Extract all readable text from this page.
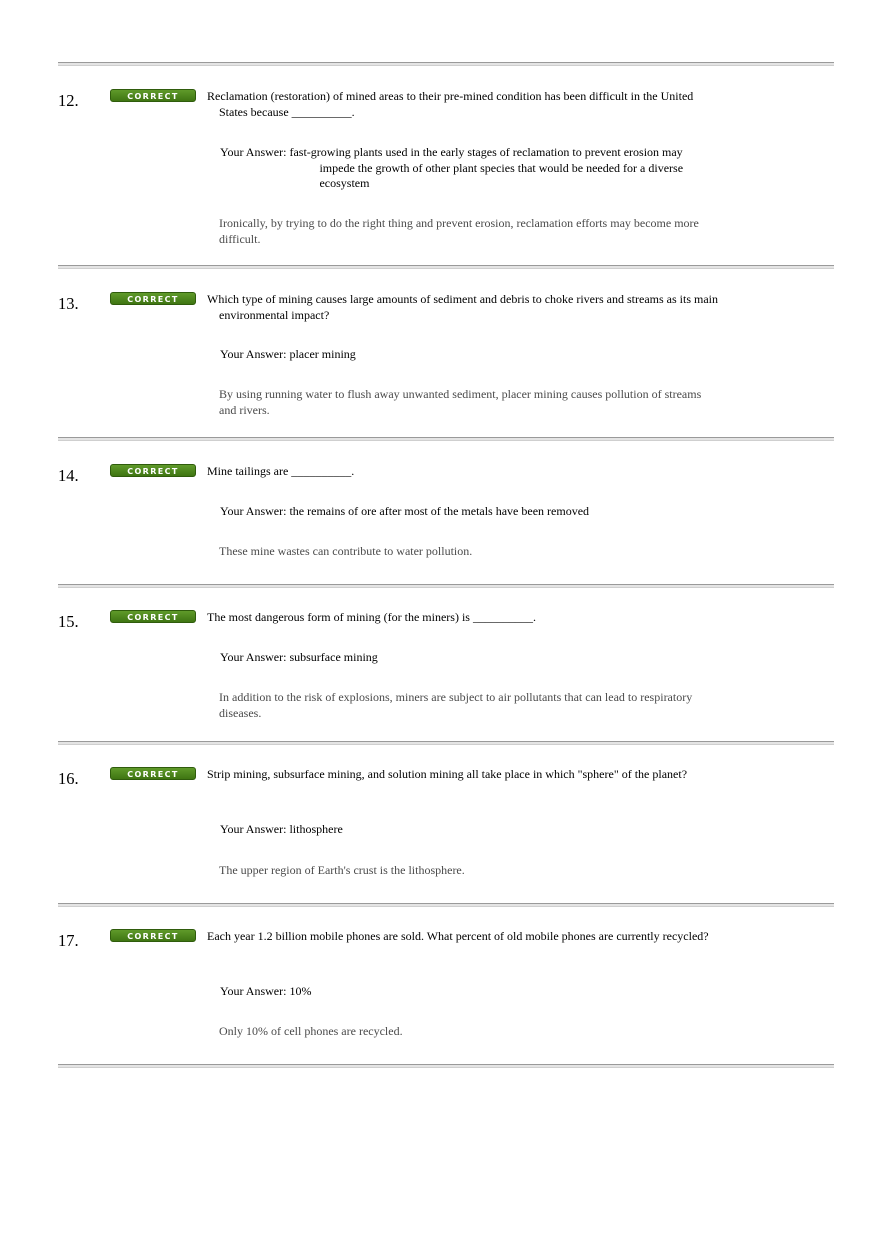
12.	CORRECT	Reclamation (restoration) of mined areas to their pre-mined condition has been difficult in the United States because __________.
Your Answer: fast-growing plants used in the early stages of reclamation to prevent erosion may impede the growth of other plant species that would be needed for a diverse ecosystem
Ironically, by trying to do the right thing and prevent erosion, reclamation efforts may become more difficult.
13.	CORRECT	Which type of mining causes large amounts of sediment and debris to choke rivers and streams as its main environmental impact?
Your Answer: placer mining
By using running water to flush away unwanted sediment, placer mining causes pollution of streams and rivers.
14.	CORRECT	Mine tailings are __________.
Your Answer: the remains of ore after most of the metals have been removed
These mine wastes can contribute to water pollution.
15.	CORRECT	The most dangerous form of mining (for the miners) is __________.
Your Answer: subsurface mining
In addition to the risk of explosions, miners are subject to air pollutants that can lead to respiratory diseases.
16.	CORRECT	Strip mining, subsurface mining, and solution mining all take place in which "sphere" of the planet?
Your Answer: lithosphere
The upper region of Earth's crust is the lithosphere.
17.	CORRECT	Each year 1.2 billion mobile phones are sold. What percent of old mobile phones are currently recycled?
Your Answer: 10%
Only 10% of cell phones are recycled.
